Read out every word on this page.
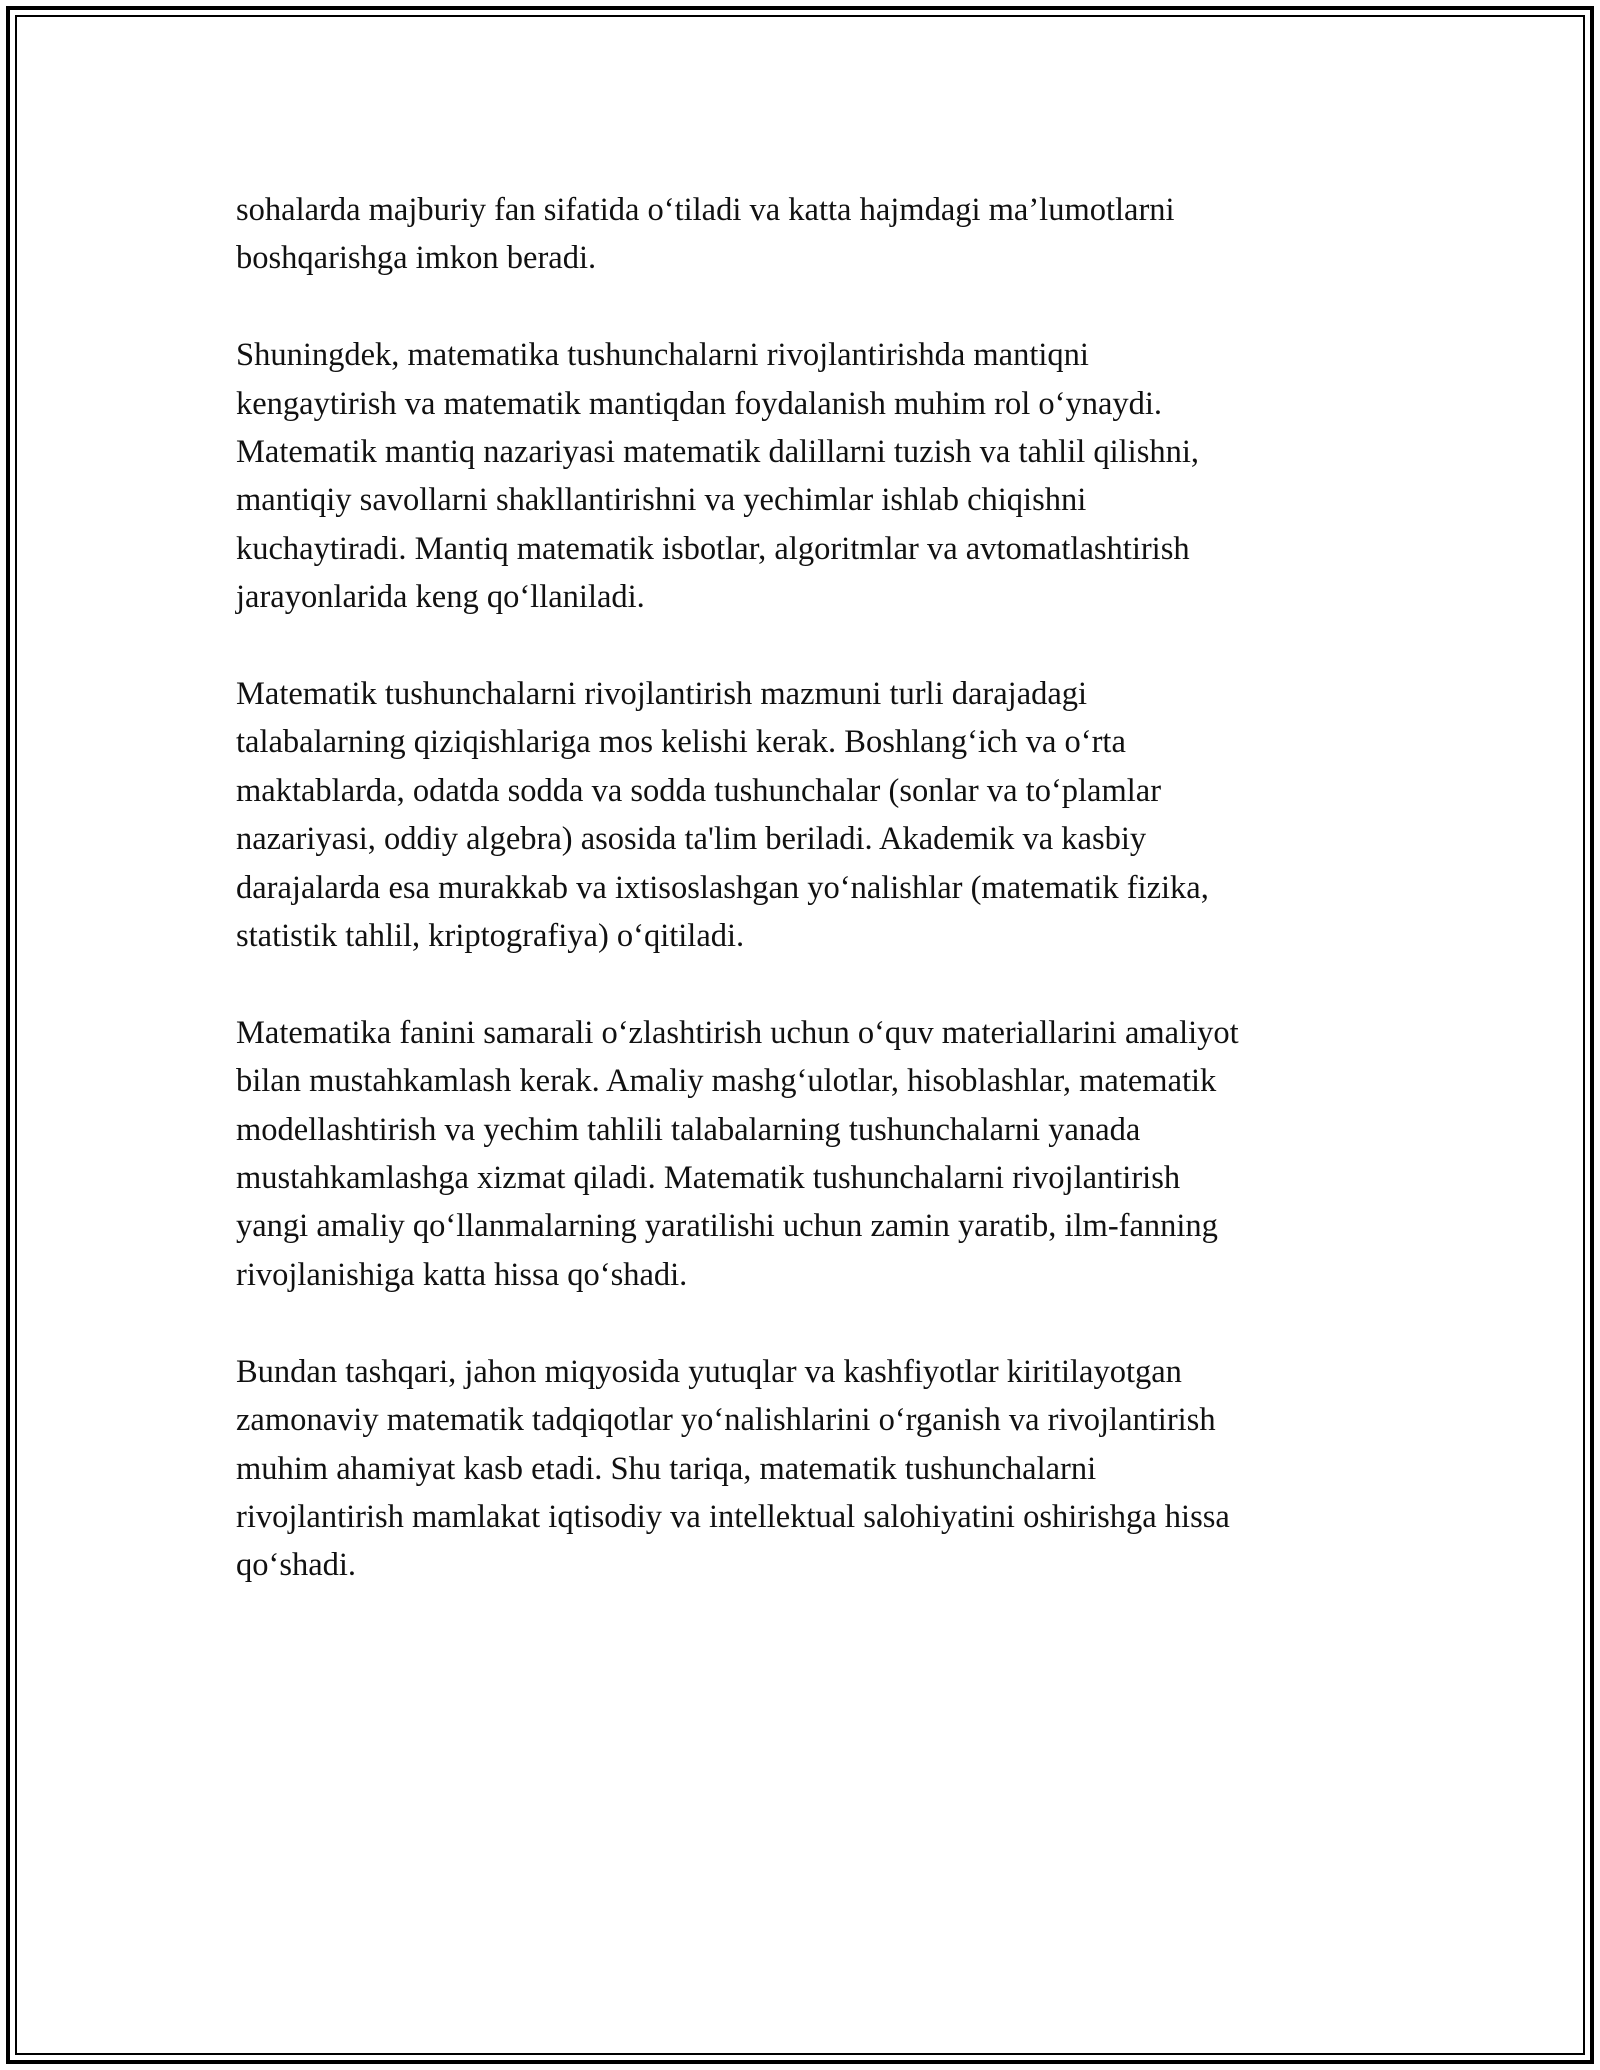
sohalarda majburiy fan sifatida o‘tiladi va katta hajmdagi ma’lumotlarni
boshqarishga imkon beradi.

Shuningdek, matematika tushunchalarni rivojlantirishda mantiqni
kengaytirish va matematik mantiqdan foydalanish muhim rol o‘ynaydi.
Matematik mantiq nazariyasi matematik dalillarni tuzish va tahlil qilishni,
mantiqiy savollarni shakllantirishni va yechimlar ishlab chiqishni
kuchaytiradi. Mantiq matematik isbotlar, algoritmlar va avtomatlashtirish
jarayonlarida keng qo‘llaniladi.

Matematik tushunchalarni rivojlantirish mazmuni turli darajadagi
talabalarning qiziqishlariga mos kelishi kerak. Boshlang‘ich va o‘rta
maktablarda, odatda sodda va sodda tushunchalar (sonlar va to‘plamlar
nazariyasi, oddiy algebra) asosida ta'lim beriladi. Akademik va kasbiy
darajalarda esa murakkab va ixtisoslashgan yo‘nalishlar (matematik fizika,
statistik tahlil, kriptografiya) o‘qitiladi.

Matematika fanini samarali o‘zlashtirish uchun o‘quv materiallarini amaliyot
bilan mustahkamlash kerak. Amaliy mashg‘ulotlar, hisoblashlar, matematik
modellashtirish va yechim tahlili talabalarning tushunchalarni yanada
mustahkamlashga xizmat qiladi. Matematik tushunchalarni rivojlantirish
yangi amaliy qo‘llanmalarning yaratilishi uchun zamin yaratib, ilm-fanning
rivojlanishiga katta hissa qo‘shadi.

Bundan tashqari, jahon miqyosida yutuqlar va kashfiyotlar kiritilayotgan
zamonaviy matematik tadqiqotlar yo‘nalishlarini o‘rganish va rivojlantirish
muhim ahamiyat kasb etadi. Shu tariqa, matematik tushunchalarni
rivojlantirish mamlakat iqtisodiy va intellektual salohiyatini oshirishga hissa
qo‘shadi.
